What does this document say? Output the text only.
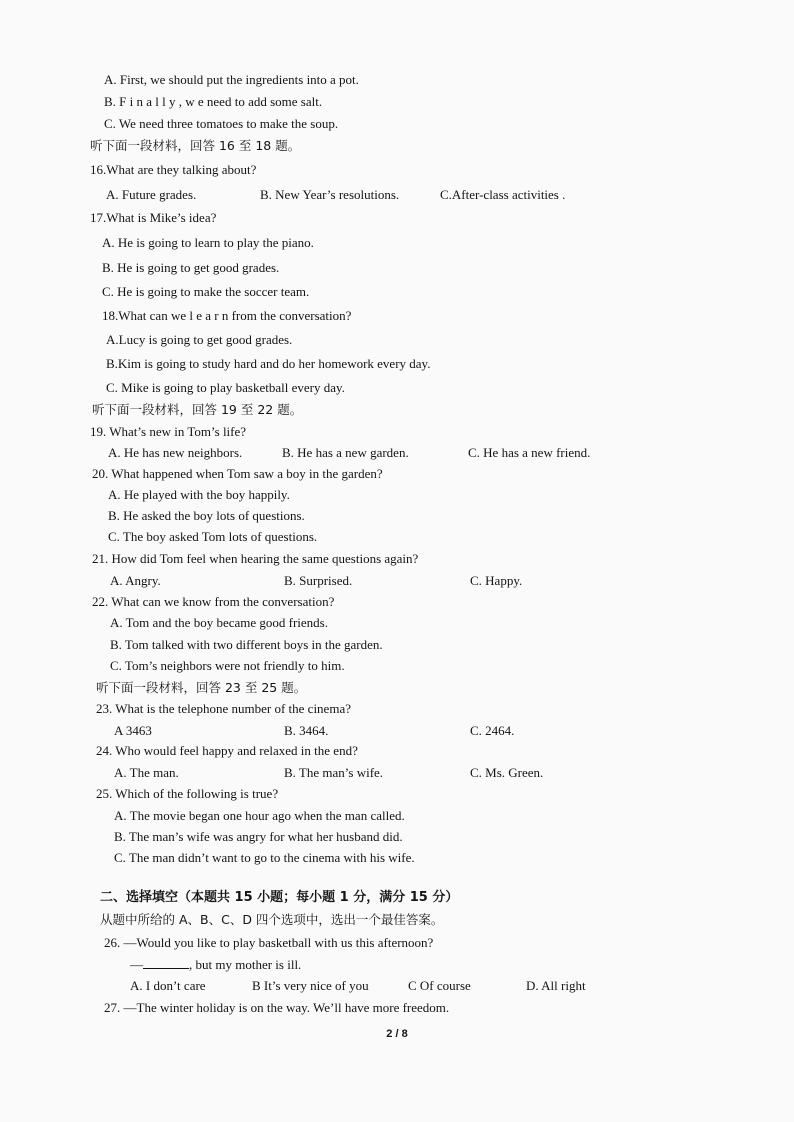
A. First, we should put the ingredients into a pot.
B. F i n a l l y , w e need to add some salt.
C. We need three tomatoes to make the soup.
听下面一段材料，回答 16 至 18 题。
16.What are they talking about?
A. Future grades.	B. New Year’s resolutions.	C.After-class activities .
17.What is Mike’s idea?
A. He is going to learn to play the piano.
B. He is going to get good grades.
C. He is going to make the soccer team.
18.What can we l e a r n from the conversation?
A.Lucy is going to get good grades.
B.Kim is going to study hard and do her homework every day.
C. Mike is going to play basketball every day.
听下面一段材料，回答 19 至 22 题。
19. What’s new in Tom’s life?
A. He has new neighbors.	B. He has a new garden.	C. He has a new friend.
20. What happened when Tom saw a boy in the garden?
A. He played with the boy happily.
B. He asked the boy lots of questions.
C. The boy asked Tom lots of questions.
21. How did Tom feel when hearing the same questions again?
A. Angry.	B. Surprised.	C. Happy.
22. What can we know from the conversation?
A. Tom and the boy became good friends.
B. Tom talked with two different boys in the garden.
C. Tom’s neighbors were not friendly to him.
听下面一段材料，回答 23 至 25 题。
23. What is the telephone number of the cinema?
A 3463	B. 3464.	C. 2464.
24. Who would feel happy and relaxed in the end?
A. The man.	B. The man’s wife.	C. Ms. Green.
25. Which of the following is true?
A. The movie began one hour ago when the man called.
B. The man’s wife was angry for what her husband did.
C. The man didn’t want to go to the cinema with his wife.
二、选择填空（本题共 15 小题；每小题 1 分，满分 15 分）
从题中所给的 A、B、C、D 四个选项中，选出一个最佳答案。
26. —Would you like to play basketball with us this afternoon?
—	, but my mother is ill.
A. I don’t care	B It’s very nice of you	C Of course	D. All right
27. —The winter holiday is on the way. We’ll have more freedom.
2 / 8
